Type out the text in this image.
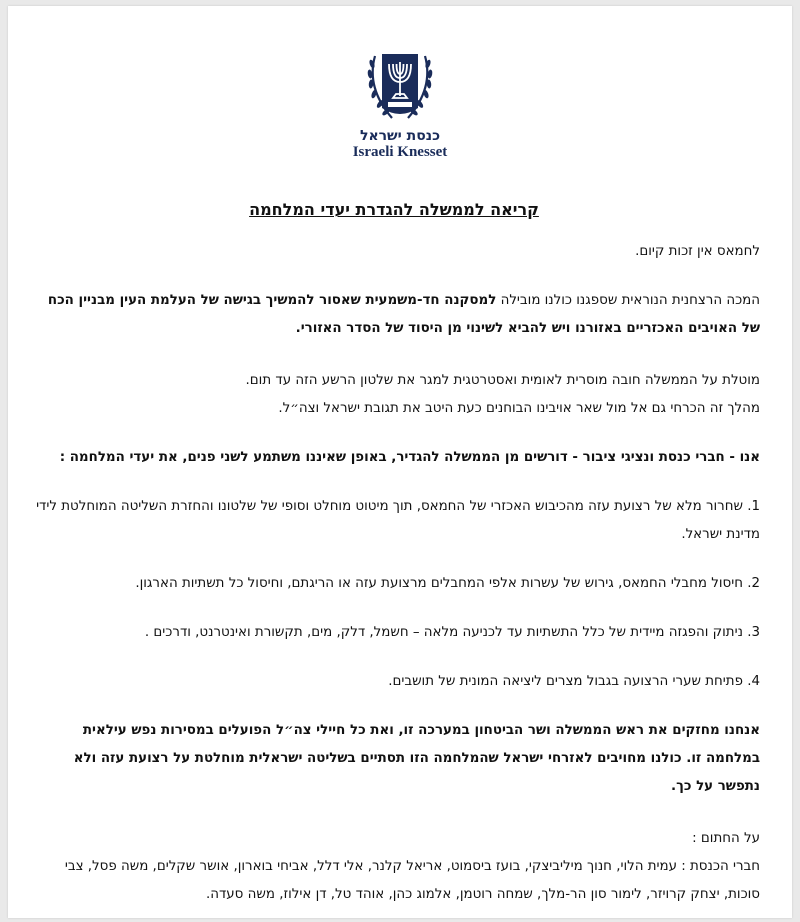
כנסת ישראל
Israeli Knesset
קריאה לממשלה להגדרת יעדי המלחמה

לחמאס אין זכות קיום.

המכה הרצחנית הנוראית שספגנו כולנו מובילה למסקנה חד-משמעית שאסור להמשיך בגישה של העלמת העין מבניין הכח של האויבים האכזריים באזורנו ויש להביא לשינוי מן היסוד של הסדר האזורי.

מוטלת על הממשלה חובה מוסרית לאומית ואסטרטגית למגר את שלטון הרשע הזה עד תום.

מהלך זה הכרחי גם אל מול שאר אויבינו הבוחנים כעת היטב את תגובת ישראל וצה״ל.

אנו - חברי כנסת ונציגי ציבור - דורשים מן הממשלה להגדיר, באופן שאיננו משתמע לשני פנים, את יעדי המלחמה :

1. שחרור מלא של רצועת עזה מהכיבוש האכזרי של החמאס, תוך מיטוט מוחלט וסופי של שלטונו והחזרת השליטה המוחלטת לידי מדינת ישראל.

2. חיסול מחבלי החמאס, גירוש של עשרות אלפי המחבלים מרצועת עזה או הריגתם, וחיסול כל תשתיות הארגון.

3. ניתוק והפגזה מיידית של כלל התשתיות עד לכניעה מלאה – חשמל, דלק, מים, תקשורת ואינטרנט, ודרכים .

4. פתיחת שערי הרצועה בגבול מצרים ליציאה המונית של תושבים.

אנחנו מחזקים את ראש הממשלה ושר הביטחון במערכה זו, ואת כל חיילי צה״ל הפועלים במסירות נפש עילאית במלחמה זו. כולנו מחויבים לאזרחי ישראל שהמלחמה הזו תסתיים בשליטה ישראלית מוחלטת על רצועת עזה ולא נתפשר על כך.

על החתום :

חברי הכנסת : עמית הלוי, חנוך מיליביצקי, בועז ביסמוט, אריאל קלנר, אלי דלל, אביחי בוארון, אושר שקלים, משה פסל, צבי סוכות, יצחק קרויזר, לימור סון הר-מלך, שמחה רוטמן, אלמוג כהן, אוהד טל, דן אילוז, משה סעדה.
